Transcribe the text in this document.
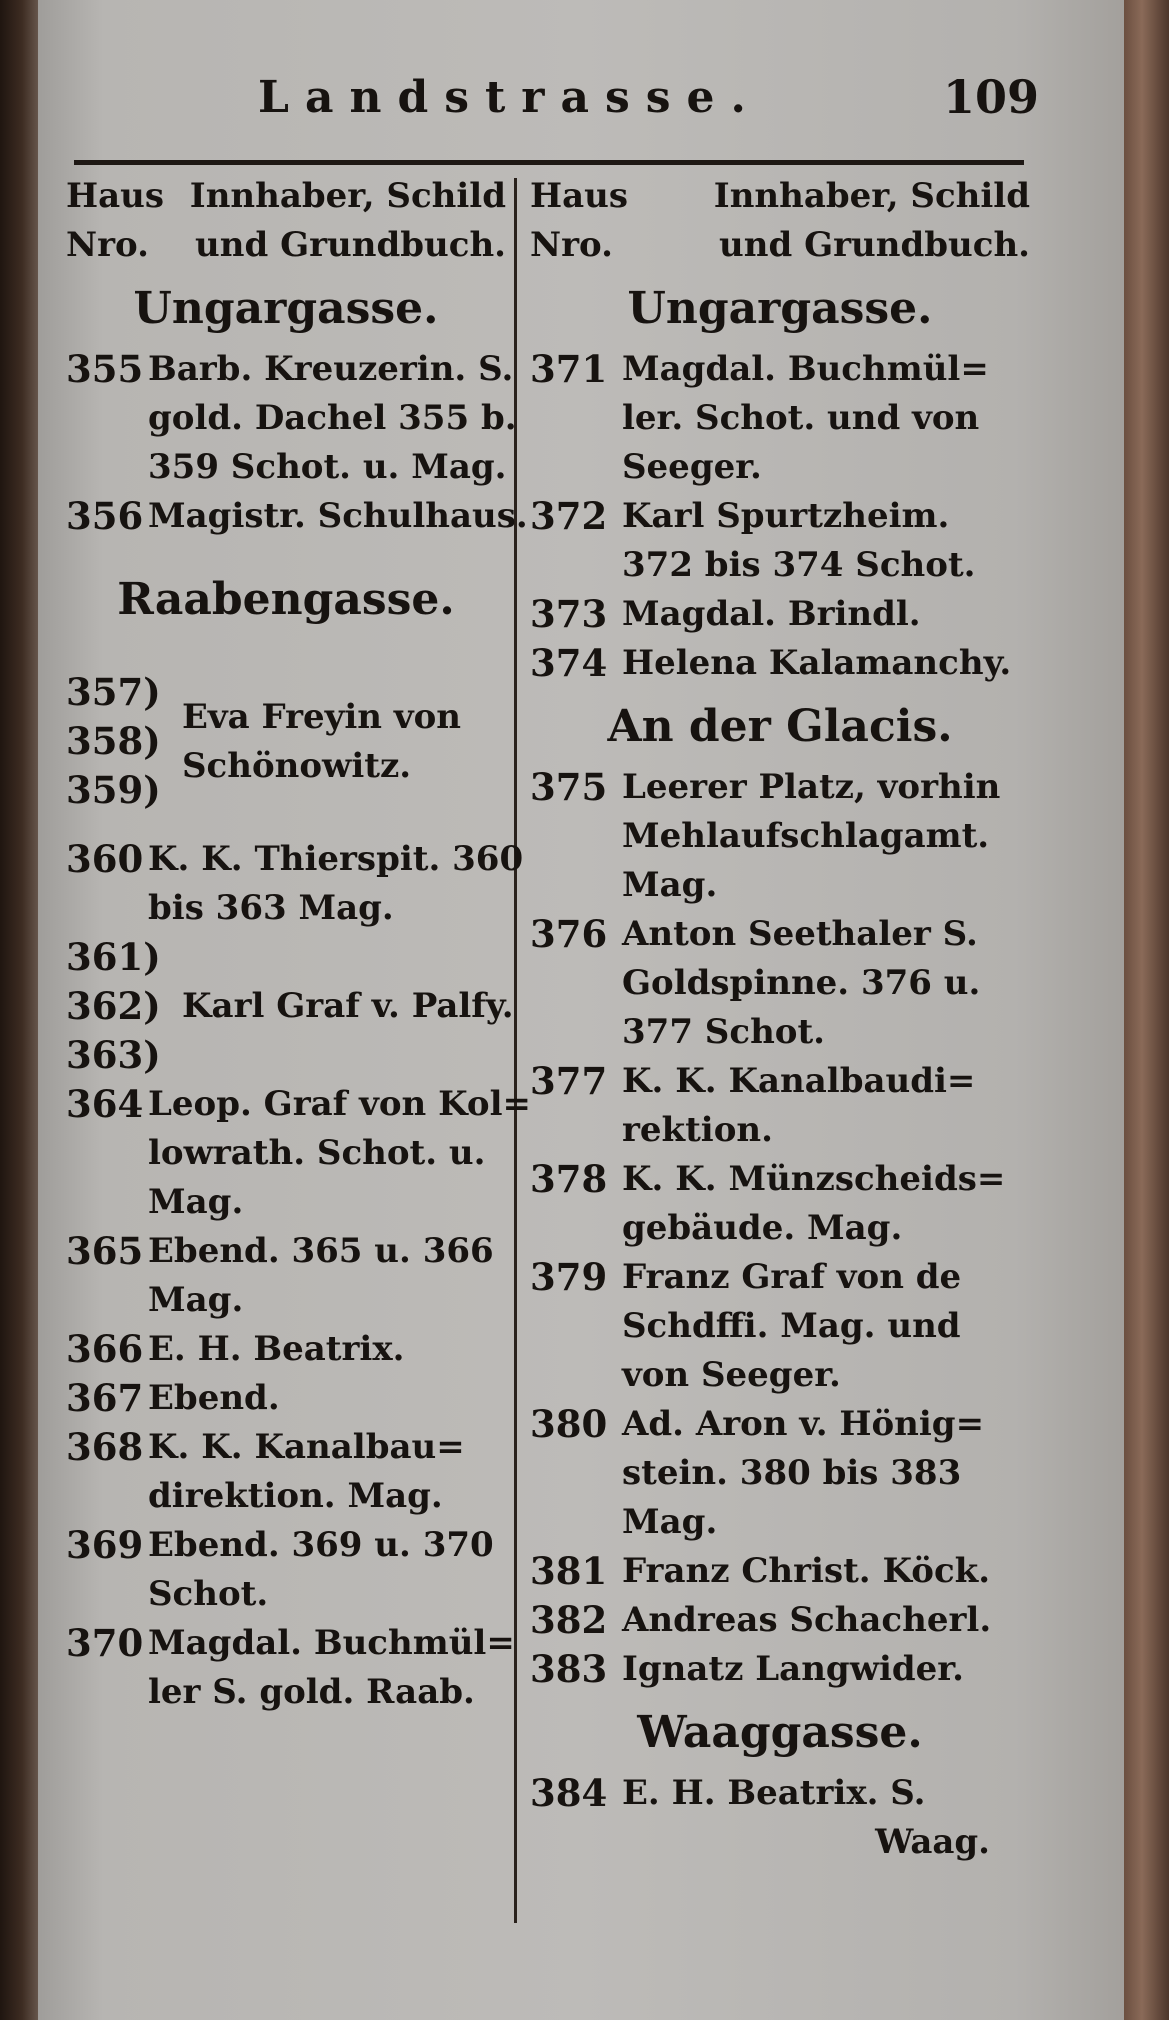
Landstrasse.	109
Haus Innhaber, Schild
Nro. und Grundbuch.
Ungargasse.
355 Barb. Kreuzerin. S.
gold. Dachel 355 b.
359 Schot. u. Mag.
356 Magistr. Schulhaus.
Raabengasse.
357)
358)
359)
Eva Freyin von
Schönowitz.
360 K. K. Thierspit. 360
bis 363 Mag.
361)
362)
363)
Karl Graf v. Palfy.
364 Leop. Graf von Kol=
lowrath. Schot. u.
Mag.
365 Ebend. 365 u. 366
Mag.
366 E. H. Beatrix.
367 Ebend.
368 K. K. Kanalbau=
direktion. Mag.
369 Ebend. 369 u. 370
Schot.
370 Magdal. Buchmül=
ler S. gold. Raab.
Haus	Innhaber, Schild
Nro.	und Grundbuch.
Ungargasse.
371 Magdal. Buchmül=
ler. Schot. und von
Seeger.
372 Karl Spurtzheim.
372 bis 374 Schot.
373 Magdal. Brindl.
374 Helena Kalamanchy.
An der Glacis.
375 Leerer Platz, vorhin
Mehlaufschlagamt.
Mag.
376 Anton Seethaler S.
Goldspinne. 376 u.
377 Schot.
377 K. K. Kanalbaudi=
rektion.
378 K. K. Münzscheids=
gebäude. Mag.
379 Franz Graf von de
Schdffi. Mag. und
von Seeger.
380 Ad. Aron v. Hönig=
stein. 380 bis 383
Mag.
381 Franz Christ. Köck.
382 Andreas Schacherl.
383 Ignatz Langwider.
Waaggasse.
384 E. H. Beatrix. S.
Waag.
